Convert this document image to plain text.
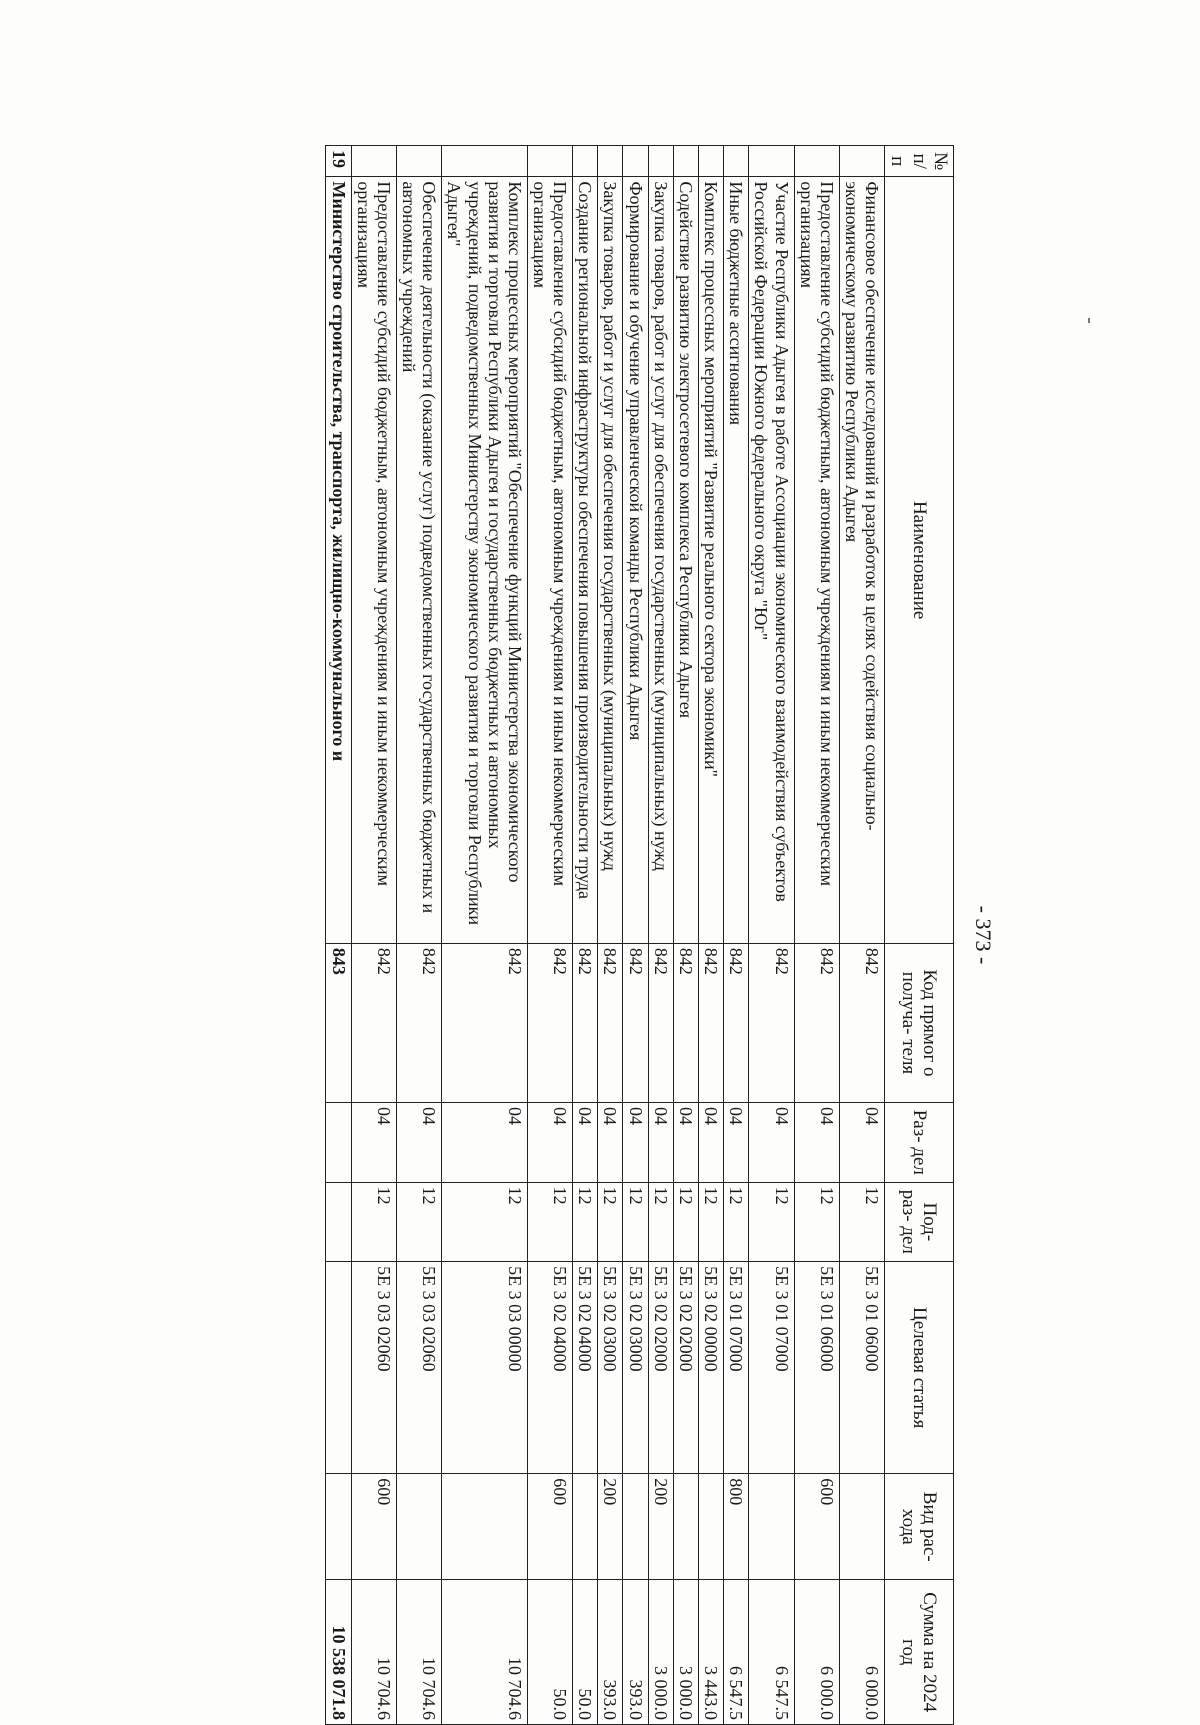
- 373 -
№ п/п	Наименование	Код прямог о получа- теля	Раз- дел	Под- раз- дел	Целевая статья	Вид рас- хода	Сумма на 2024 год
	Финансовое обеспечение исследований и разработок в целях содействия социально-экономическому развитию Республики Адыгея	842	04	12	5Е 3 01 06000		6 000.0
	Предоставление субсидий бюджетным, автономным учреждениям и иным некоммерческим организациям	842	04	12	5Е 3 01 06000	600	6 000.0
	Участие Республики Адыгея в работе Ассоциации экономического взаимодействия субъектов Российской Федерации Южного федерального округа "Юг"	842	04	12	5Е 3 01 07000		6 547.5
	Иные бюджетные ассигнования	842	04	12	5Е 3 01 07000	800	6 547.5
	Комплекс процессных мероприятий "Развитие реального сектора экономики"	842	04	12	5Е 3 02 00000		3 443.0
	Содействие развитию электросетевого комплекса Республики Адыгея	842	04	12	5Е 3 02 02000		3 000.0
	Закупка товаров, работ и услуг для обеспечения государственных (муниципальных) нужд	842	04	12	5Е 3 02 02000	200	3 000.0
	Формирование и обучение управленческой команды Республики Адыгея	842	04	12	5Е 3 02 03000		393.0
	Закупка товаров, работ и услуг для обеспечения государственных (муниципальных) нужд	842	04	12	5Е 3 02 03000	200	393.0
	Создание региональной инфраструктуры обеспечения повышения производительности труда	842	04	12	5Е 3 02 04000		50.0
	Предоставление субсидий бюджетным, автономным учреждениям и иным некоммерческим организациям	842	04	12	5Е 3 02 04000	600	50.0
	Комплекс процессных мероприятий "Обеспечение функций Министерства экономического развития и торговли Республики Адыгея и государственных бюджетных и автономных учреждений, подведомственных Министерству экономического развития и торговли Республики Адыгея"	842	04	12	5Е 3 03 00000		10 704.6
	Обеспечение деятельности (оказание услуг) подведомственных государственных бюджетных и автономных учреждений	842	04	12	5Е 3 03 02060		10 704.6
	Предоставление субсидий бюджетным, автономным учреждениям и иным некоммерческим организациям	842	04	12	5Е 3 03 02060	600	10 704.6
19	Министерство строительства, транспорта, жилищно-коммунального и	843					10 538 071.8
